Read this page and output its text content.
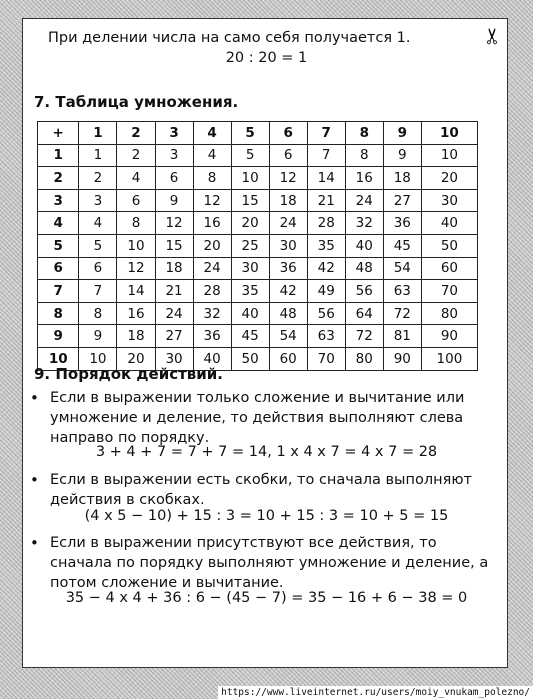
✂
При делении числа на само себя получается 1.
20 : 20 = 1
7. Таблица умножения.
+	1	2	3	4	5	6	7	8	9	10
1	1	2	3	4	5	6	7	8	9	10
2	2	4	6	8	10	12	14	16	18	20
3	3	6	9	12	15	18	21	24	27	30
4	4	8	12	16	20	24	28	32	36	40
5	5	10	15	20	25	30	35	40	45	50
6	6	12	18	24	30	36	42	48	54	60
7	7	14	21	28	35	42	49	56	63	70
8	8	16	24	32	40	48	56	64	72	80
9	9	18	27	36	45	54	63	72	81	90
10	10	20	30	40	50	60	70	80	90	100
9. Порядок действий.
• Если в выражении только сложение и вычитание или умножение и деление, то действия выполняют слева направо по порядку.
3 + 4 + 7 = 7 + 7 = 14, 1 x 4 x 7 = 4 x 7 = 28
• Если в выражении есть скобки, то сначала выполняют действия в скобках.
(4 x 5 − 10) + 15 : 3 = 10 + 15 : 3 = 10 + 5 = 15
• Если в выражении присутствуют все действия, то сначала по порядку выполняют умножение и деление, а потом сложение и вычитание.
35 − 4 x 4 + 36 : 6 − (45 − 7) = 35 − 16 + 6 − 38 = 0
https://www.liveinternet.ru/users/moiy_vnukam_polezno/
